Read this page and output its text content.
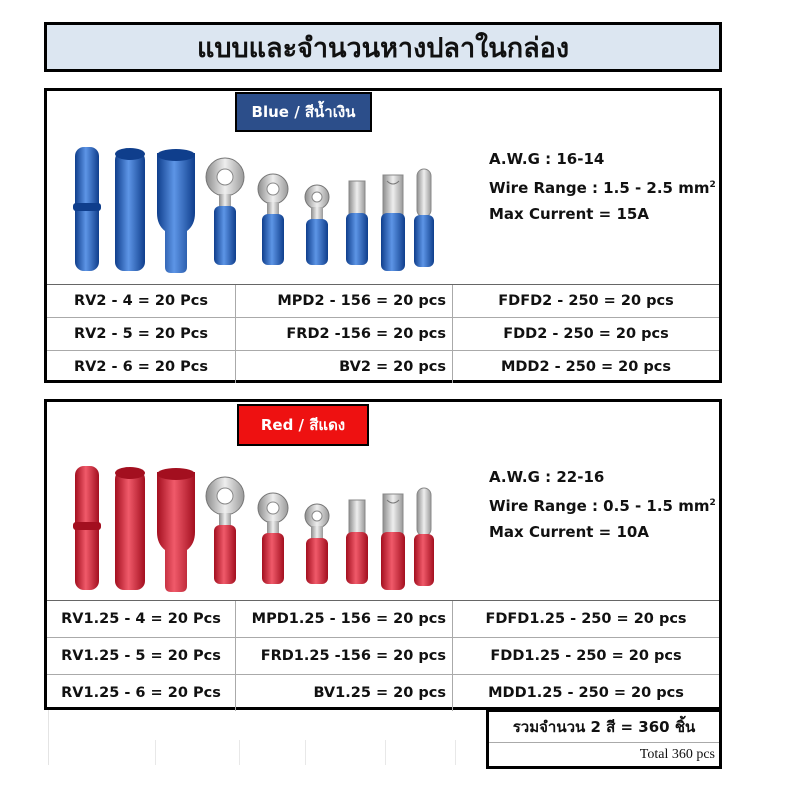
แบบและจำนวนหางปลาในกล่อง
Blue / สีน้ำเงิน
A.W.G : 16-14
Wire Range : 1.5 - 2.5 $mm^2$
Max Current = 15A
RV2 - 4 = 20 Pcs	MPD2 - 156 = 20 pcs	FDFD2 - 250 = 20 pcs
RV2 - 5 = 20 Pcs	FRD2 -156 = 20 pcs	FDD2 - 250 = 20 pcs
RV2 - 6 = 20 Pcs	BV2 = 20 pcs	MDD2 - 250 = 20 pcs
Red / สีแดง
A.W.G : 22-16
Wire Range : 0.5 - 1.5 $mm^2$
Max Current = 10A
RV1.25 - 4 = 20 Pcs	MPD1.25 - 156 = 20 pcs	FDFD1.25 - 250 = 20 pcs
RV1.25 - 5 = 20 Pcs	FRD1.25 -156 = 20 pcs	FDD1.25 - 250 = 20 pcs
RV1.25 - 6 = 20 Pcs	BV1.25 = 20 pcs	MDD1.25 - 250 = 20 pcs
รวมจำนวน 2 สี = 360 ชิ้น
Total 360 pcs
